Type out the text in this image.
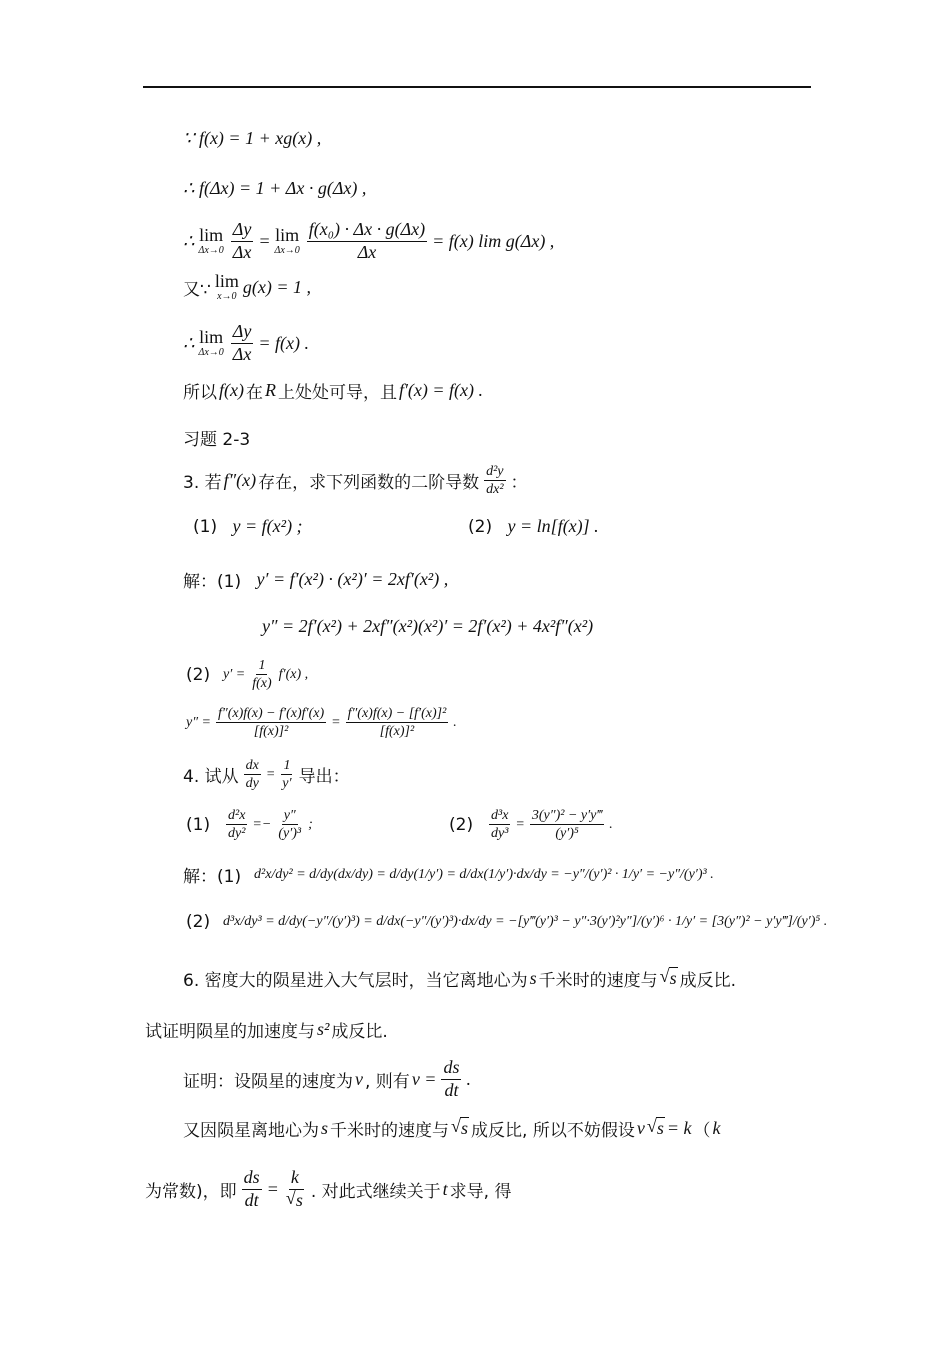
∵ f(x) = 1 + xg(x) ,
∴ f(Δx) = 1 + Δx · g(Δx) ,
∴ lim
$\Delta x\to 0 \frac{\Delta y}{\Delta x} = \lim$
$\Delta x\to 0 \frac{\text{f(x₀) · Δx · g(Δx)}}{\Delta x} = f(x)$ lim g(Δx) ,
又∵ lim
x→0 g(x) = 1 ,
∴ lim
$\Delta x\to 0 \frac{\Delta y}{\Delta x} = f(x)$ .
所以 f(x) 在 R 上处处可导，且 f′(x) = f(x) .
习题 2-3
3. 若 f″(x) 存在，求下列函数的二阶导数 $\frac{\text{d²y}}{\text{dx²}}$ ：
(1)
y = f(x²) ;	(2)
y = ln[f(x)] .
解：(1)
y′ = f′(x²) · (x²)′ = 2xf′(x²) ,
y″ = 2f′(x²) + 2xf″(x²)(x²)′ = 2f′(x²) + 4x²f″(x²)
(2)
$y' = \frac{1}{f(x)} f'(x)$ ,
$y'' = \frac{f''(x)f(x) - f'(x)f'(x)}{\text{[f(x)]²}} = \frac{\text{f″(x)f(x) − [f′(x)]²}}{\text{[f(x)]²}}$ .
4. 试从 $\frac{dx}{dy} = \frac{1}{y'}$ 导出：
(1)
$\frac{\text{d²x}}{\text{dy²}} =- \frac{y''}{\text{(y′)³}}$ ;	(2)
$\frac{\text{d³x}}{\text{dy³}} = \frac{\text{3(y″)² − y′y‴}}{\text{(y′)⁵}}$ .
解：(1)
d²x/dy² = d/dy(dx/dy) = d/dy(1/y′) = d/dx(1/y′)·dx/dy = −y″/(y′)² · 1/y′ = −y″/(y′)³ .
(2)
d³x/dy³ = d/dy(−y″/(y′)³) = d/dx(−y″/(y′)³)·dx/dy = −[y‴(y′)³ − y″·3(y′)²y″]/(y′)⁶ · 1/y′ = [3(y″)² − y′y‴]/(y′)⁵ .
6. 密度大的陨星进入大气层时，当它离地心为 s 千米时的速度与 √ s 成反比.
试证明陨星的加速度与 s² 成反比.
证明：设陨星的速度为 v , 则有 $v = \frac{ds}{dt}$ .
又因陨星离地心为 s 千米时的速度与 √ s 成反比, 所以不妨假设 v √ s = k （ k
为常数)，即 $\frac{ds}{dt} = k$
√ s . 对此式继续关于 t 求导, 得
